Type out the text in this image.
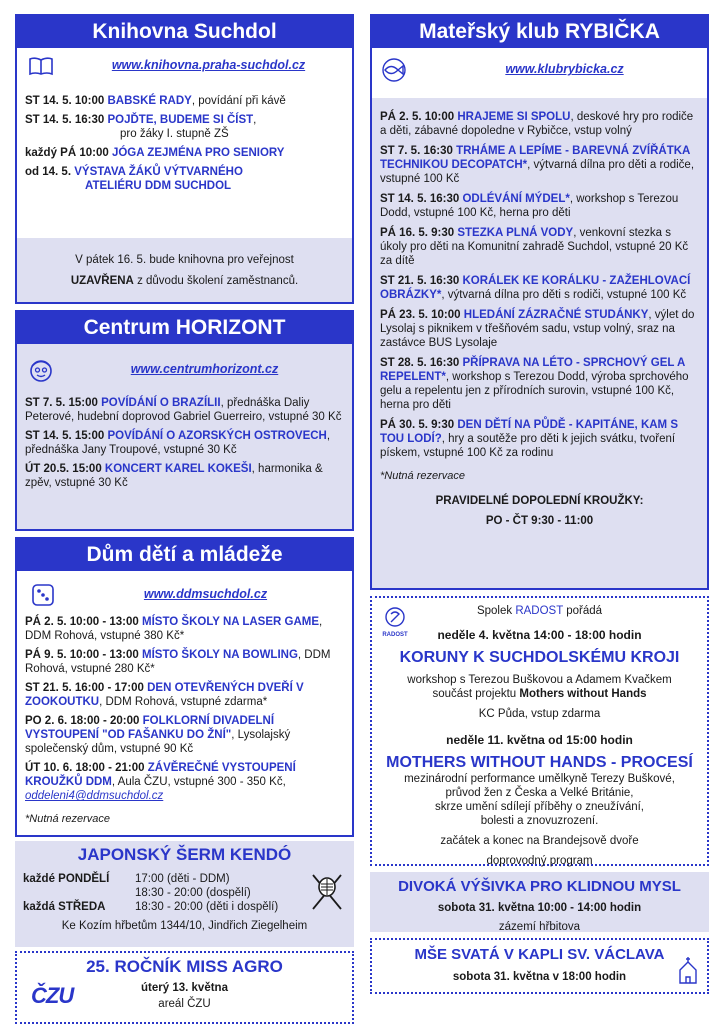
Knihovna Suchdol
www.knihovna.praha-suchdol.cz
ST 14. 5. 10:00 BABSKÉ RADY, povídání při kávě
ST 14. 5. 16:30 POJĎTE, BUDEME SI ČÍST,
pro žáky I. stupně ZŠ
každý PÁ 10:00 JÓGA ZEJMÉNA PRO SENIORY
od 14. 5. VÝSTAVA ŽÁKŮ VÝTVARNÉHO
ATELIÉRU DDM SUCHDOL
V pátek 16. 5. bude knihovna pro veřejnost
UZAVŘENA z důvodu školení zaměstnanců.
Centrum HORIZONT
www.centrumhorizont.cz
ST 7. 5. 15:00 POVÍDÁNÍ O BRAZÍLII, přednáška Daliy Peterové, hudební doprovod Gabriel Guerreiro, vstupné 30 Kč
ST 14. 5. 15:00 POVÍDÁNÍ O AZORSKÝCH OSTROVECH, přednáška Jany Troupové, vstupné 30 Kč
ÚT 20.5. 15:00 KONCERT KAREL KOKEŠI, harmonika & zpěv, vstupné 30 Kč
Dům dětí a mládeže
www.ddmsuchdol.cz
PÁ 2. 5. 10:00 - 13:00 MÍSTO ŠKOLY NA LASER GAME, DDM Rohová, vstupné 380 Kč*
PÁ 9. 5. 10:00 - 13:00 MÍSTO ŠKOLY NA BOWLING, DDM Rohová, vstupné 280 Kč*
ST 21. 5. 16:00 - 17:00 DEN OTEVŘENÝCH DVEŘÍ V ZOOKOUTKU, DDM Rohová, vstupné zdarma*
PO 2. 6. 18:00 - 20:00 FOLKLORNÍ DIVADELNÍ VYSTOUPENÍ "OD FAŠANKU DO ŽNÍ", Lysolajský společenský dům, vstupné 90 Kč
ÚT 10. 6. 18:00 - 21:00 ZÁVĚREČNÉ VYSTOUPENÍ KROUŽKŮ DDM, Aula ČZU, vstupné 300 - 350 Kč, oddeleni4@ddmsuchdol.cz
*Nutná rezervace
JAPONSKÝ ŠERM KENDÓ
každé PONDĚLÍ	17:00 (děti - DDM)
18:30 - 20:00 (dospělí)
každá STŘEDA	18:30 - 20:00 (děti i dospělí)
Ke Kozím hřbetům 1344/10, Jindřich Ziegelheim
25. ROČNÍK MISS AGRO
úterý 13. května
areál ČZU
ČZU
Mateřský klub RYBIČKA
www.klubrybicka.cz
PÁ 2. 5. 10:00 HRAJEME SI SPOLU, deskové hry pro rodiče a děti, zábavné dopoledne v Rybičce, vstup volný
ST 7. 5. 16:30 TRHÁME A LEPÍME - BAREVNÁ ZVÍŘÁTKA TECHNIKOU DECOPATCH*, výtvarná dílna pro děti a rodiče, vstupné 100 Kč
ST 14. 5. 16:30 ODLÉVÁNÍ MÝDEL*, workshop s Terezou Dodd, vstupné 100 Kč, herna pro děti
PÁ 16. 5. 9:30 STEZKA PLNÁ VODY, venkovní stezka s úkoly pro děti na Komunitní zahradě Suchdol, vstupné 20 Kč za dítě
ST 21. 5. 16:30 KORÁLEK KE KORÁLKU - ZAŽEHLOVACÍ OBRÁZKY*, výtvarná dílna pro děti s rodiči, vstupné 100 Kč
PÁ 23. 5. 10:00 HLEDÁNÍ ZÁZRAČNÉ STUDÁNKY, výlet do Lysolaj s piknikem v třešňovém sadu, vstup volný, sraz na zastávce BUS Lysolaje
ST 28. 5. 16:30 PŘÍPRAVA NA LÉTO - SPRCHOVÝ GEL A REPELENT*, workshop s Terezou Dodd, výroba sprchového gelu a repelentu jen z přírodních surovin, vstupné 100 Kč, herna pro děti
PÁ 30. 5. 9:30 DEN DĚTÍ NA PŮDĚ - KAPITÁNE, KAM S TOU LODÍ?, hry a soutěže pro děti k jejich svátku, tvoření pískem, vstupné 100 Kč za rodinu
*Nutná rezervace
PRAVIDELNÉ DOPOLEDNÍ KROUŽKY:
PO - ČT 9:30 - 11:00
RADOST
Spolek RADOST pořádá
neděle 4. května 14:00 - 18:00 hodin
KORUNY K SUCHDOLSKÉMU KROJI
workshop s Terezou Buškovou a Adamem Kvačkem
součást projektu Mothers without Hands
KC Půda, vstup zdarma
neděle 11. května od 15:00 hodin
MOTHERS WITHOUT HANDS - PROCESÍ
mezinárodní performance umělkyně Terezy Buškové,
průvod žen z Česka a Velké Británie,
skrze umění sdílejí příběhy o zneužívání,
bolesti a znovuzrození.
začátek a konec na Brandejsově dvoře
doprovodný program
DIVOKÁ VÝŠIVKA PRO KLIDNOU MYSL
sobota 31. května 10:00 - 14:00 hodin
zázemí hřbitova
MŠE SVATÁ V KAPLI SV. VÁCLAVA
sobota 31. května v 18:00 hodin
